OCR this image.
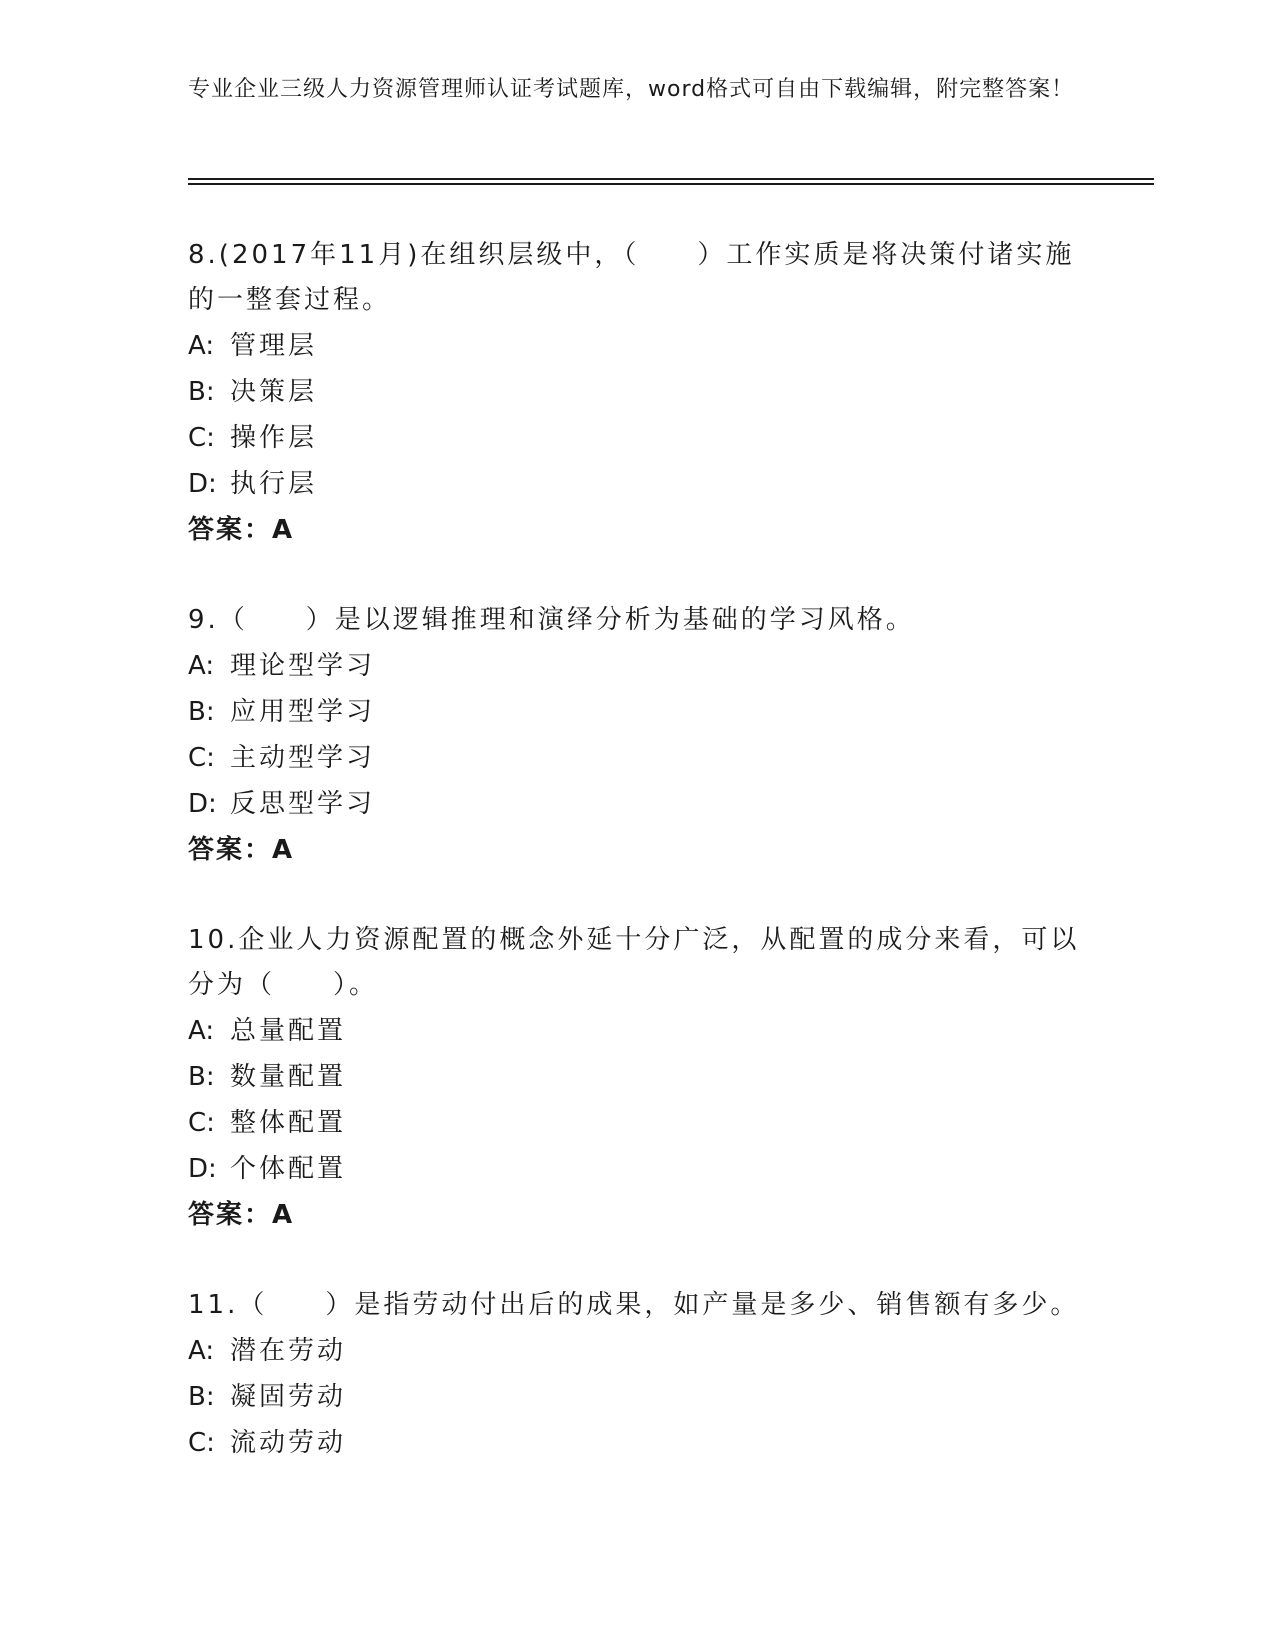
专业企业三级人力资源管理师认证考试题库，word格式可自由下载编辑，附完整答案！
8.(2017年11月)在组织层级中，（　　）工作实质是将决策付诸实施的一整套过程。
A: 管理层
B: 决策层
C: 操作层
D: 执行层
答案：A
9.（　　）是以逻辑推理和演绎分析为基础的学习风格。
A: 理论型学习
B: 应用型学习
C: 主动型学习
D: 反思型学习
答案：A
10.企业人力资源配置的概念外延十分广泛，从配置的成分来看，可以分为（　　）。
A: 总量配置
B: 数量配置
C: 整体配置
D: 个体配置
答案：A
11.（　　）是指劳动付出后的成果，如产量是多少、销售额有多少。
A: 潜在劳动
B: 凝固劳动
C: 流动劳动
